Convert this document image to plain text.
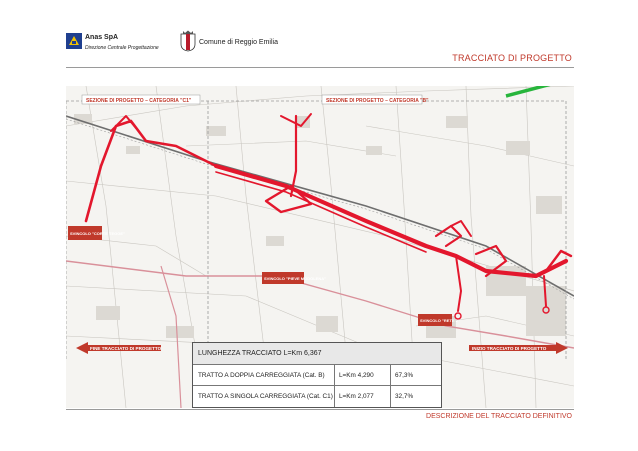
Anas SpA
Direzione Centrale Progettazione
Comune di Reggio Emilia
TRACCIATO DI PROGETTO
SEZIONE DI PROGETTO – CATEGORIA "C1"	SEZIONE DI PROGETTO – CATEGORIA "B"
SVINCOLO "CORTE TEGGE"
SVINCOLO "PIEVE MODOLENA"
SVINCOLO "RETE 2"
FINE TRACCIATO DI PROGETTO	INIZIO TRACCIATO DI PROGETTO
LUNGHEZZA TRACCIATO L=Km 6,367
TRATTO A DOPPIA CARREGGIATA (Cat. B)	L=Km 4,290	67,3%
TRATTO A SINGOLA CARREGGIATA (Cat. C1) L=Km 2,077	32,7%
DESCRIZIONE DEL TRACCIATO DEFINITIVO
